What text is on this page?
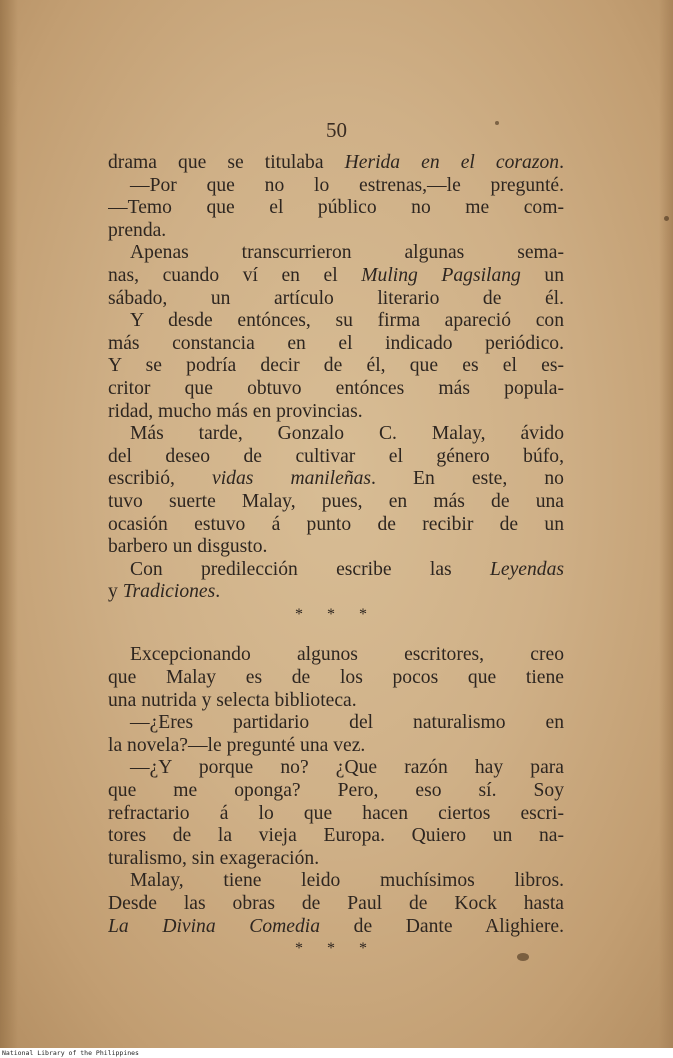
50
drama que se titulaba Herida en el corazon.
—Por que no lo estrenas,—le pregunté.
—Temo que el público no me com-
prenda.
Apenas transcurrieron algunas sema-
nas, cuando ví en el Muling Pagsilang un
sábado, un artículo literario de él.
Y desde entónces, su firma apareció con
más constancia en el indicado periódico.
Y se podría decir de él, que es el es-
critor que obtuvo entónces más popula-
ridad, mucho más en provincias.
Más tarde, Gonzalo C. Malay, ávido
del deseo de cultivar el género búfo,
escribió, vidas manileñas. En este, no
tuvo suerte Malay, pues, en más de una
ocasión estuvo á punto de recibir de un
barbero un disgusto.
Con predilección escribe las Leyendas
y Tradiciones.
* * *
Excepcionando algunos escritores, creo
que Malay es de los pocos que tiene
una nutrida y selecta biblioteca.
—¿Eres partidario del naturalismo en
la novela?—le pregunté una vez.
—¿Y porque no? ¿Que razón hay para
que me oponga? Pero, eso sí. Soy
refractario á lo que hacen ciertos escri-
tores de la vieja Europa. Quiero un na-
turalismo, sin exageración.
Malay, tiene leido muchísimos libros.
Desde las obras de Paul de Kock hasta
La Divina Comedia de Dante Alighiere.
* * *
National Library of the Philippines
